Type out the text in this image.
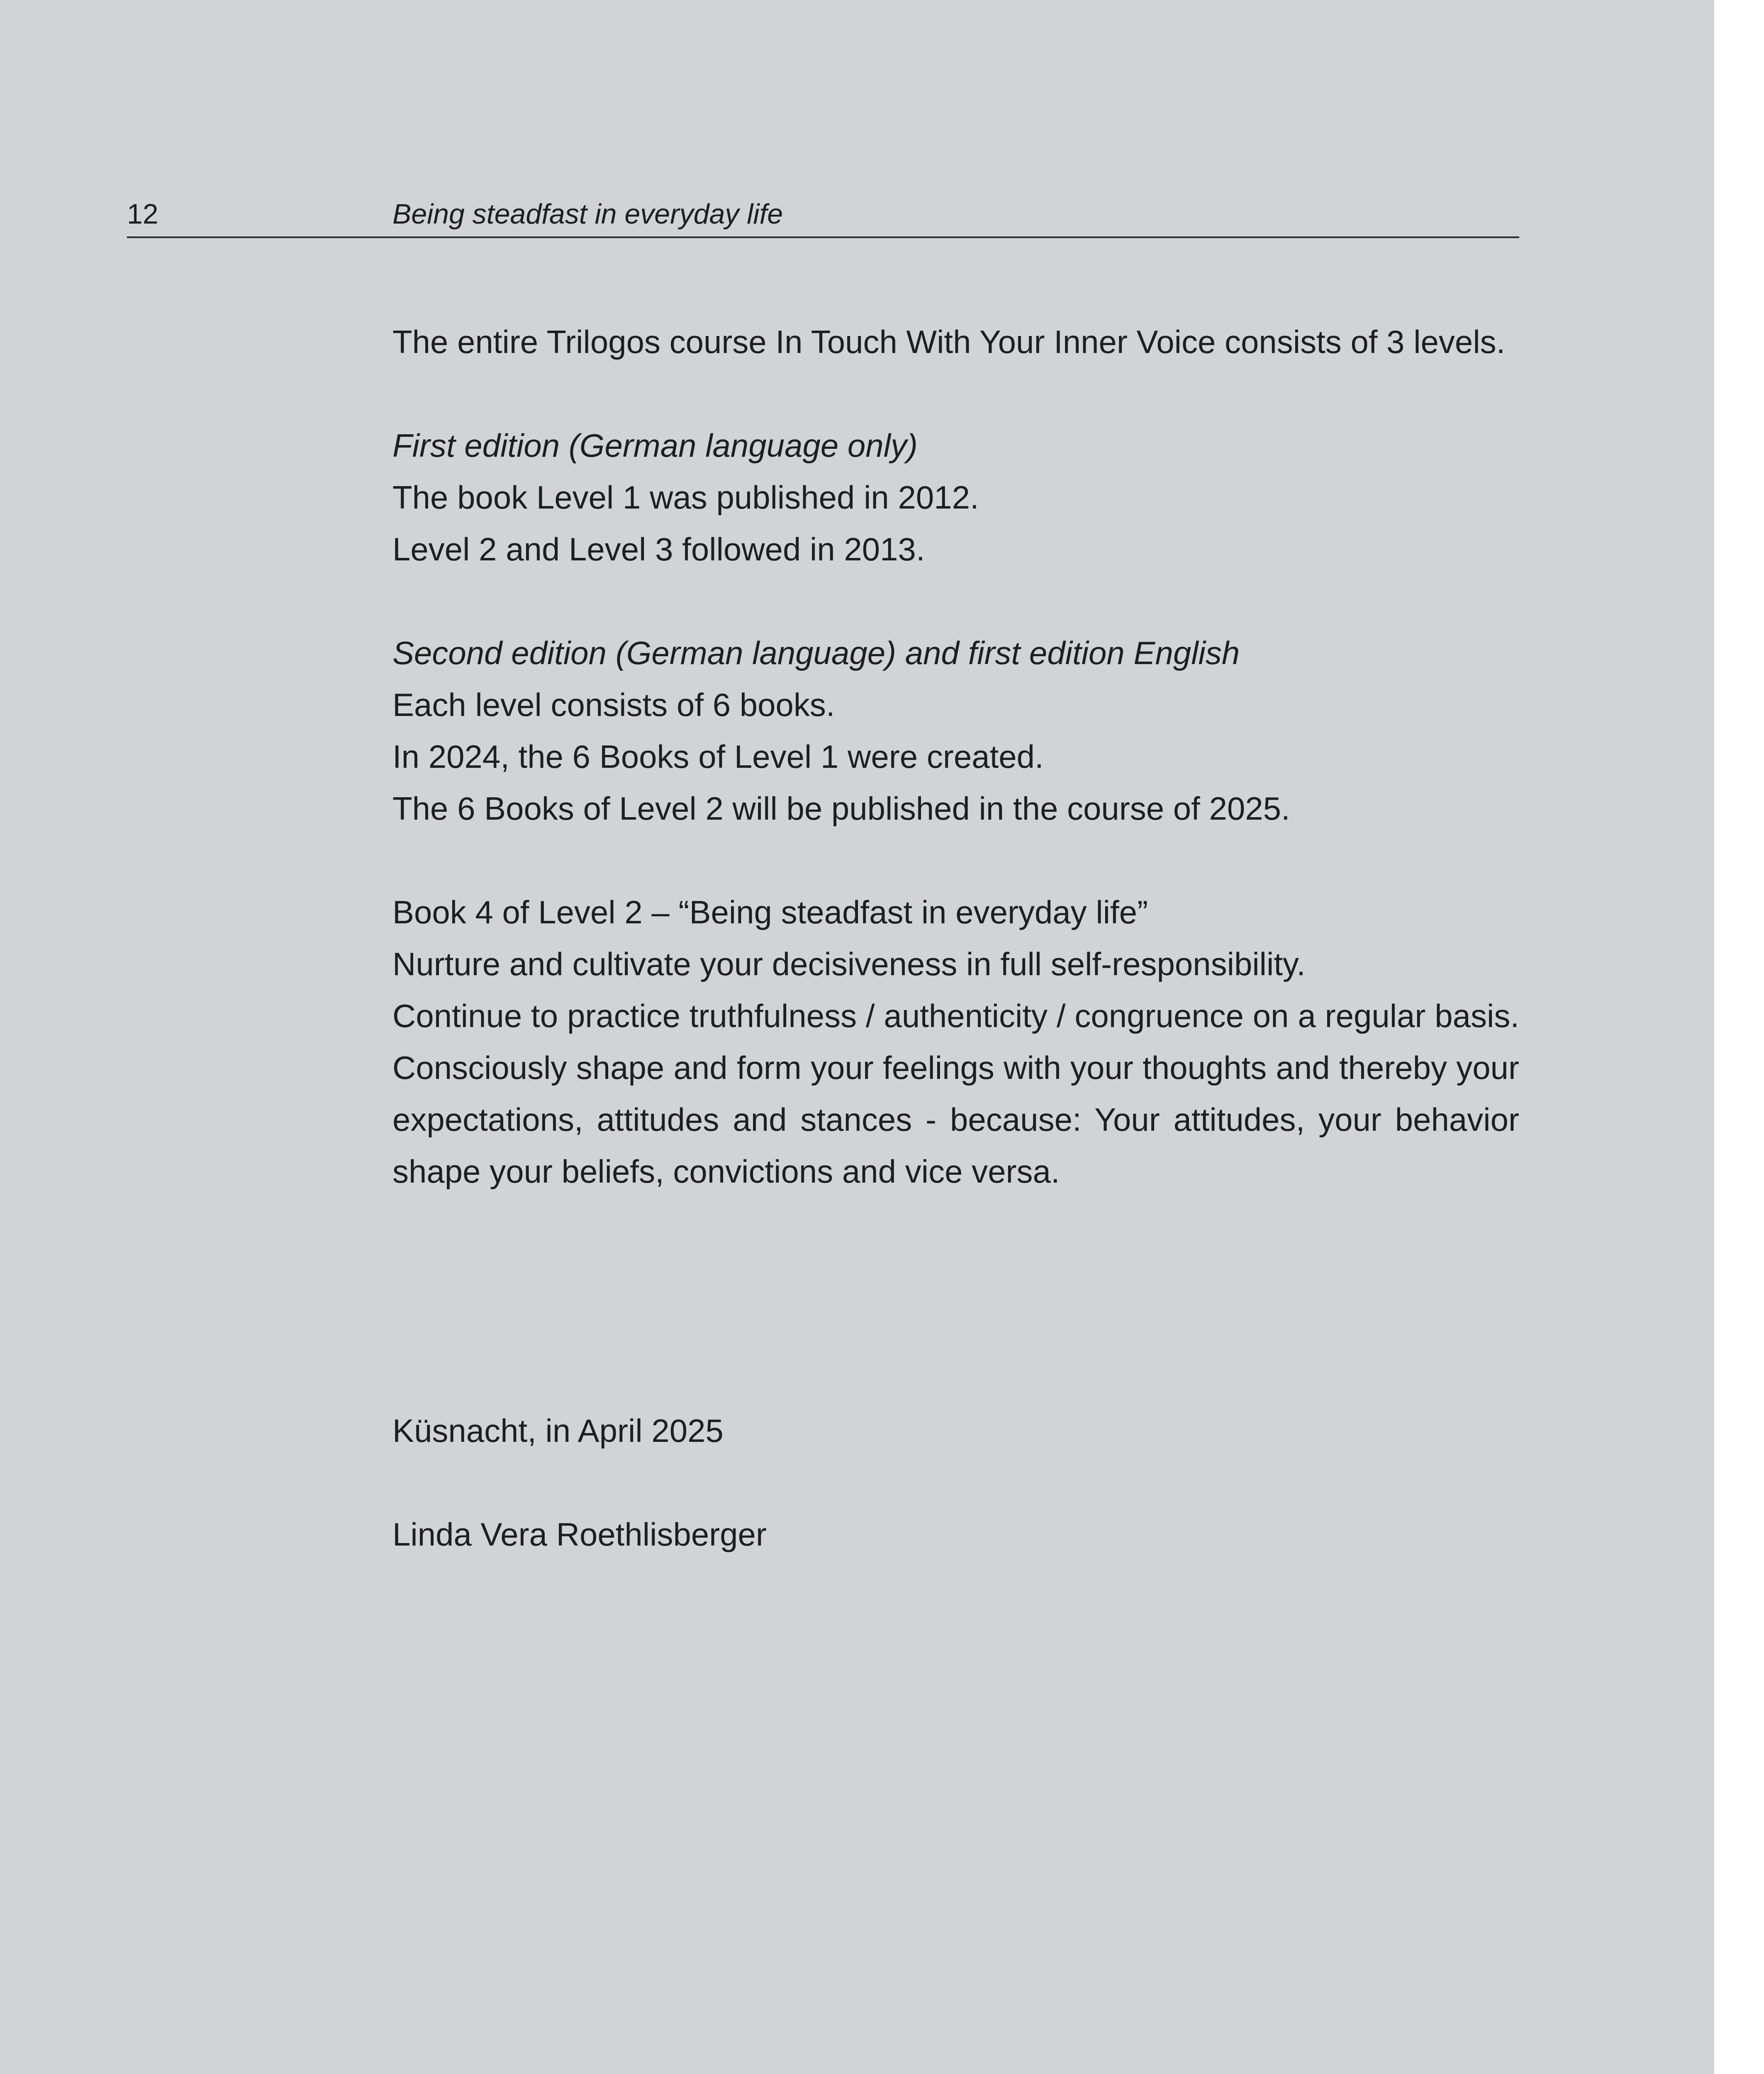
12	Being steadfast in everyday life

The entire Trilogos course In Touch With Your Inner Voice consists of 3 levels.

First edition (German language only)

The book Level 1 was published in 2012.

Level 2 and Level 3 followed in 2013.

Second edition (German language) and first edition English

Each level consists of 6 books.

In 2024, the 6 Books of Level 1 were created.

The 6 Books of Level 2 will be published in the course of 2025.

Book 4 of Level 2 – “Being steadfast in everyday life”

Nurture and cultivate your decisiveness in full self-responsibility.

Continue to practice truthfulness / authenticity / congruence on a regular basis. Consciously shape and form your feelings with your thoughts and thereby your expectations, attitudes and stances - because: Your attitudes, your behavior shape your beliefs, convictions and vice versa.

Küsnacht, in April 2025

Linda Vera Roethlisberger
